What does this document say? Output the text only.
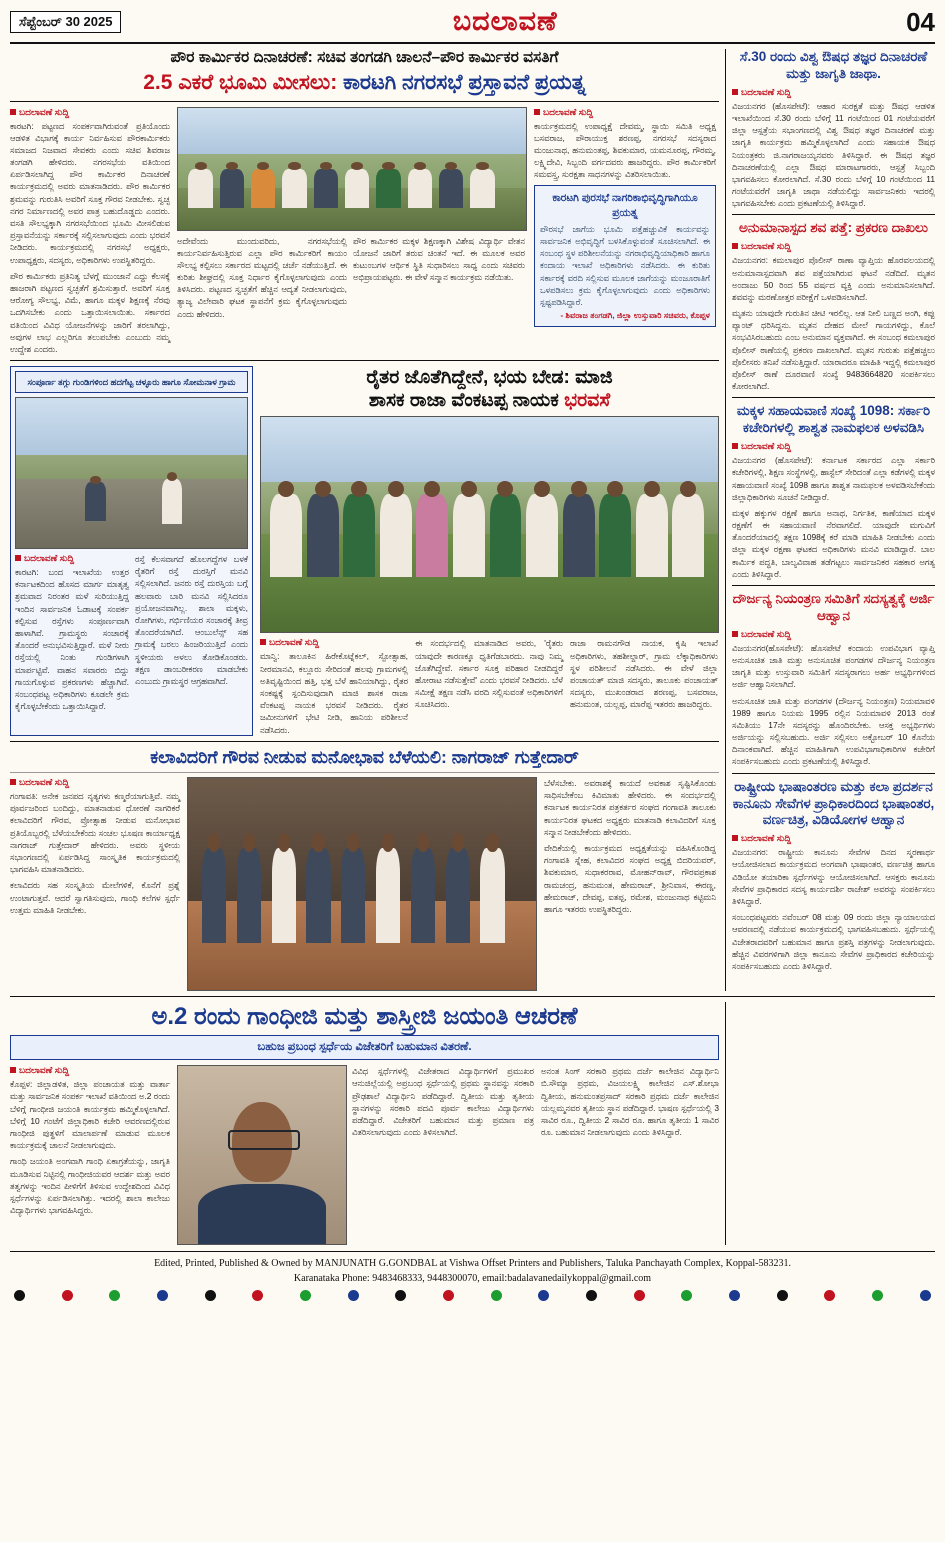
ಸೆಪ್ಟೆಂಬರ್ 30 2025	ಬದಲಾವಣೆ	04
ಪೌರ ಕಾರ್ಮಿಕರ ದಿನಾಚರಣೆ: ಸಚಿವ ತಂಗಡಗಿ ಚಾಲನೆ–ಪೌರ ಕಾರ್ಮಿಕರ ವಸತಿಗೆ
2.5 ಎಕರೆ ಭೂಮಿ ಮೀಸಲು: ಕಾರಟಗಿ ನಗರಸಭೆ ಪ್ರಸ್ತಾವನೆ ಪ್ರಯತ್ನ
ಬದಲಾವಣೆ ಸುದ್ದಿ
ಕಾರಟಗಿ: ಪಟ್ಟಣದ ಸಂಪರ್ಕವಾಗಿರುವಂತೆ ಪ್ರತಿಯೊಂದು ಆಡಳಿತ ವಿಭಾಗಕ್ಕೆ ಕಾರ್ಯ ನಿರ್ವಹಿಸುವ ಪೌರಕಾರ್ಮಿಕರು ಸಮಾಜದ ನಿಜವಾದ ಸೇವಕರು ಎಂದು ಸಚಿವ ಶಿವರಾಜ ತಂಗಡಗಿ ಹೇಳಿದರು. ನಗರಸಭೆಯ ವತಿಯಿಂದ ಏರ್ಪಡಿಸಲಾಗಿದ್ದ ಪೌರ ಕಾರ್ಮಿಕರ ದಿನಾಚರಣೆ ಕಾರ್ಯಕ್ರಮದಲ್ಲಿ ಅವರು ಮಾತನಾಡಿದರು. ಪೌರ ಕಾರ್ಮಿಕರ ಶ್ರಮವನ್ನು ಗುರುತಿಸಿ ಅವರಿಗೆ ಸೂಕ್ತ ಗೌರವ ನೀಡಬೇಕು. ಸ್ವಚ್ಛ ನಗರ ನಿರ್ಮಾಣದಲ್ಲಿ ಅವರ ಪಾತ್ರ ಬಹುದೊಡ್ಡದು ಎಂದರು. ವಸತಿ ಸೌಲಭ್ಯಕ್ಕಾಗಿ ನಗರಸಭೆಯಿಂದ ಭೂಮಿ ಮೀಸಲಿಡುವ ಪ್ರಸ್ತಾವನೆಯನ್ನು ಸರ್ಕಾರಕ್ಕೆ ಸಲ್ಲಿಸಲಾಗುವುದು ಎಂದು ಭರವಸೆ ನೀಡಿದರು. ಕಾರ್ಯಕ್ರಮದಲ್ಲಿ ನಗರಸಭೆ ಅಧ್ಯಕ್ಷರು, ಉಪಾಧ್ಯಕ್ಷರು, ಸದಸ್ಯರು, ಅಧಿಕಾರಿಗಳು ಉಪಸ್ಥಿತರಿದ್ದರು.
ಪೌರ ಕಾರ್ಮಿಕರು ಪ್ರತಿನಿತ್ಯ ಬೆಳಗ್ಗೆ ಮುಂಜಾನೆ ಎದ್ದು ಕೆಲಸಕ್ಕೆ ಹಾಜರಾಗಿ ಪಟ್ಟಣದ ಸ್ವಚ್ಛತೆಗೆ ಶ್ರಮಿಸುತ್ತಾರೆ. ಅವರಿಗೆ ಸೂಕ್ತ ಆರೋಗ್ಯ ಸೌಲಭ್ಯ, ವಿಮೆ, ಹಾಗೂ ಮಕ್ಕಳ ಶಿಕ್ಷಣಕ್ಕೆ ನೆರವು ಒದಗಿಸಬೇಕು ಎಂದು ಒತ್ತಾಯಿಸಲಾಯಿತು. ಸರ್ಕಾರದ ವತಿಯಿಂದ ವಿವಿಧ ಯೋಜನೆಗಳನ್ನು ಜಾರಿಗೆ ತರಲಾಗಿದ್ದು, ಅವುಗಳ ಲಾಭ ಎಲ್ಲರಿಗೂ ತಲುಪಬೇಕು ಎಂಬುದು ನಮ್ಮ ಉದ್ದೇಶ ಎಂದರು.
ಅದೇವೆಂದು ಮುಂದುವರಿದು, ನಗರಸಭೆಯಲ್ಲಿ ಕಾರ್ಯನಿರ್ವಹಿಸುತ್ತಿರುವ ಎಲ್ಲಾ ಪೌರ ಕಾರ್ಮಿಕರಿಗೆ ಕಾಯಂ ಸೌಲಭ್ಯ ಕಲ್ಪಿಸಲು ಸರ್ಕಾರದ ಮಟ್ಟದಲ್ಲಿ ಚರ್ಚೆ ನಡೆಯುತ್ತಿದೆ. ಈ ಕುರಿತು ಶೀಘ್ರದಲ್ಲಿ ಸೂಕ್ತ ನಿರ್ಧಾರ ಕೈಗೊಳ್ಳಲಾಗುವುದು ಎಂದು ತಿಳಿಸಿದರು. ಪಟ್ಟಣದ ಸ್ವಚ್ಛತೆಗೆ ಹೆಚ್ಚಿನ ಆದ್ಯತೆ ನೀಡಲಾಗುವುದು, ತ್ಯಾಜ್ಯ ವಿಲೇವಾರಿ ಘಟಕ ಸ್ಥಾಪನೆಗೆ ಕ್ರಮ ಕೈಗೊಳ್ಳಲಾಗುವುದು ಎಂದು ಹೇಳಿದರು.
ಪೌರ ಕಾರ್ಮಿಕರ ಮಕ್ಕಳ ಶಿಕ್ಷಣಕ್ಕಾಗಿ ವಿಶೇಷ ವಿದ್ಯಾರ್ಥಿ ವೇತನ ಯೋಜನೆ ಜಾರಿಗೆ ತರುವ ಚಿಂತನೆ ಇದೆ. ಈ ಮೂಲಕ ಅವರ ಕುಟುಂಬಗಳ ಆರ್ಥಿಕ ಸ್ಥಿತಿ ಸುಧಾರಿಸಲು ಸಾಧ್ಯ ಎಂದು ಸಚಿವರು ಅಭಿಪ್ರಾಯಪಟ್ಟರು. ಈ ವೇಳೆ ಸನ್ಮಾನ ಕಾರ್ಯಕ್ರಮ ನಡೆಯಿತು.
ಬದಲಾವಣೆ ಸುದ್ದಿ
ಕಾರ್ಯಕ್ರಮದಲ್ಲಿ ಉಪಾಧ್ಯಕ್ಷೆ ದೇವಮ್ಮ, ಸ್ಥಾಯಿ ಸಮಿತಿ ಅಧ್ಯಕ್ಷ ಬಸವರಾಜ, ಪೌರಾಯುಕ್ತ ಶರಣಪ್ಪ, ನಗರಸಭೆ ಸದಸ್ಯರಾದ ಮಂಜುನಾಥ, ಹನುಮಂತಪ್ಪ, ಶಿವಕುಮಾರ, ಯಮನೂರಪ್ಪ, ಗೌರಮ್ಮ, ಲಕ್ಷ್ಮಿದೇವಿ, ಸಿಬ್ಬಂದಿ ವರ್ಗದವರು ಹಾಜರಿದ್ದರು. ಪೌರ ಕಾರ್ಮಿಕರಿಗೆ ಸಮವಸ್ತ್ರ, ಸುರಕ್ಷತಾ ಸಾಧನಗಳನ್ನು ವಿತರಿಸಲಾಯಿತು.
ಕಾರಟಗಿ ಪುರಸಭೆ ನಾಗರಿಕಾಭಿವೃದ್ಧಿಗಾಗಿಯೂ ಪ್ರಯತ್ನ
ಪೌರಸಭೆ ಜಾಗೆಯ ಭೂಮಿ ಪತ್ತೆಹಚ್ಚುವಿಕೆ ಕಾರ್ಯವನ್ನು ಸಾರ್ವಜನಿಕ ಅಭಿವೃದ್ಧಿಗೆ ಬಳಸಿಕೊಳ್ಳುವಂತೆ ಸೂಚಿಸಲಾಗಿದೆ. ಈ ಸಂಬಂಧ ಸ್ಥಳ ಪರಿಶೀಲನೆಯನ್ನು ನಗರಾಭಿವೃದ್ಧಿಯಾಧಿಕಾರಿ ಹಾಗೂ ಕಂದಾಯ ಇಲಾಖೆ ಅಧಿಕಾರಿಗಳು ನಡೆಸಿದರು. ಈ ಕುರಿತು ಸರ್ಕಾರಕ್ಕೆ ವರದಿ ಸಲ್ಲಿಸುವ ಮೂಲಕ ಜಾಗೆಯನ್ನು ಮಂಜೂರಾತಿಗೆ ಒಳಪಡಿಸಲು ಕ್ರಮ ಕೈಗೊಳ್ಳಲಾಗುವುದು ಎಂದು ಅಧಿಕಾರಿಗಳು ಸ್ಪಷ್ಟಪಡಿಸಿದ್ದಾರೆ.
- ಶಿವರಾಜ ತಂಗಡಗಿ, ಜಿಲ್ಲಾ ಉಸ್ತುವಾರಿ ಸಚಿವರು, ಕೊಪ್ಪಳ
ಸಂಪೂರ್ಣ ತಗ್ಗು ಗುಂಡಿಗಳಿಂದ ಹದಗೆಟ್ಟ ಚಳ್ಳೂರು ಹಾಗೂ ಸೋಮನಾಳ ಗ್ರಾಮ
ಬದಲಾವಣೆ ಸುದ್ದಿ
ಕಾರಟಗಿ: ಬಂದ ಇಲಾಖೆಯ ಉತ್ತರ ಕರ್ನಾಟಕದಿಂದ ಹೊಸದ ಮಾರ್ಗ ಮಾತೃತ್ವ ಶ್ರಮವಾದ ನಿರಂತರ ಮಳೆ ಸುರಿಯುತ್ತಿದ್ದ ಇಂದಿನ ಸಾರ್ವಜನಿಕ ಓಡಾಟಕ್ಕೆ ಸಂಪರ್ಕ ಕಲ್ಪಿಸುವ ರಸ್ತೆಗಳು ಸಂಪೂರ್ಣವಾಗಿ ಹಾಳಾಗಿವೆ. ಗ್ರಾಮಸ್ಥರು ಸಂಚಾರಕ್ಕೆ ತೊಂದರೆ ಅನುಭವಿಸುತ್ತಿದ್ದಾರೆ. ಮಳೆ ನೀರು ರಸ್ತೆಯಲ್ಲಿ ನಿಂತು ಗುಂಡಿಗಳಾಗಿ ಮಾರ್ಪಟ್ಟಿವೆ. ವಾಹನ ಸವಾರರು ಬಿದ್ದು ಗಾಯಗೊಳ್ಳುವ ಪ್ರಕರಣಗಳು ಹೆಚ್ಚಾಗಿವೆ. ಸಂಬಂಧಪಟ್ಟ ಅಧಿಕಾರಿಗಳು ಕೂಡಲೇ ಕ್ರಮ ಕೈಗೊಳ್ಳಬೇಕೆಂದು ಒತ್ತಾಯಿಸಿದ್ದಾರೆ.
ರಸ್ತೆ ಕೆಲಸವಾಗದೆ ಹೊಲಗದ್ದೆಗಳ ಬಳಕೆ ರೈತರಿಗೆ ರಸ್ತೆ ದುರಸ್ತಿಗೆ ಮನವಿ ಸಲ್ಲಿಸಲಾಗಿದೆ. ಜನರು ರಸ್ತೆ ದುರಸ್ತಿಯ ಬಗ್ಗೆ ಹಲವಾರು ಬಾರಿ ಮನವಿ ಸಲ್ಲಿಸಿದರೂ ಪ್ರಯೋಜನವಾಗಿಲ್ಲ. ಶಾಲಾ ಮಕ್ಕಳು, ರೋಗಿಗಳು, ಗರ್ಭಿಣಿಯರ ಸಂಚಾರಕ್ಕೆ ತೀವ್ರ ತೊಂದರೆಯಾಗಿದೆ. ಆಂಬುಲೆನ್ಸ್ ಸಹ ಗ್ರಾಮಕ್ಕೆ ಬರಲು ಹಿಂಜರಿಯುತ್ತಿದೆ ಎಂದು ಸ್ಥಳೀಯರು ಅಳಲು ತೋಡಿಕೊಂಡರು. ತಕ್ಷಣ ಡಾಂಬರೀಕರಣ ಮಾಡಬೇಕು ಎಂಬುದು ಗ್ರಾಮಸ್ಥರ ಆಗ್ರಹವಾಗಿದೆ.
ರೈತರ ಜೊತೆಗಿದ್ದೇನೆ, ಭಯ ಬೇಡ: ಮಾಜಿ
ಶಾಸಕ ರಾಜಾ ವೆಂಕಟಪ್ಪ ನಾಯಕ ಭರವಸೆ
ಬದಲಾವಣೆ ಸುದ್ದಿ
ಮಾನ್ವಿ: ತಾಲೂಕಿನ ಹಿರೇಕೊಟ್ನೆಕಲ್, ಸ್ಪೋತ್ಸಾಹ, ನೀರಮಾನವಿ, ಕಲ್ಲೂರು ಸೇರಿದಂತೆ ಹಲವು ಗ್ರಾಮಗಳಲ್ಲಿ ಅತಿವೃಷ್ಟಿಯಿಂದ ಹತ್ತಿ, ಭತ್ತ ಬೆಳೆ ಹಾನಿಯಾಗಿದ್ದು, ರೈತರ ಸಂಕಷ್ಟಕ್ಕೆ ಸ್ಪಂದಿಸುವುದಾಗಿ ಮಾಜಿ ಶಾಸಕ ರಾಜಾ ವೆಂಕಟಪ್ಪ ನಾಯಕ ಭರವಸೆ ನೀಡಿದರು. ರೈತರ ಜಮೀನುಗಳಿಗೆ ಭೇಟಿ ನೀಡಿ, ಹಾನಿಯ ಪರಿಶೀಲನೆ ನಡೆಸಿದರು.
ಈ ಸಂದರ್ಭದಲ್ಲಿ ಮಾತನಾಡಿದ ಅವರು, 'ರೈತರು ಯಾವುದೇ ಕಾರಣಕ್ಕೂ ಧೃತಿಗೆಡಬಾರದು. ನಾವು ನಿಮ್ಮ ಜೊತೆಗಿದ್ದೇವೆ. ಸರ್ಕಾರ ಸೂಕ್ತ ಪರಿಹಾರ ನೀಡದಿದ್ದರೆ ಹೋರಾಟ ನಡೆಸುತ್ತೇವೆ' ಎಂದು ಭರವಸೆ ನೀಡಿದರು. ಬೆಳೆ ಸಮೀಕ್ಷೆ ತಕ್ಷಣ ನಡೆಸಿ ವರದಿ ಸಲ್ಲಿಸುವಂತೆ ಅಧಿಕಾರಿಗಳಿಗೆ ಸೂಚಿಸಿದರು.
ರಾಜಾ ರಾಮನಗೌಡ ನಾಯಕ, ಕೃಷಿ ಇಲಾಖೆ ಅಧಿಕಾರಿಗಳು, ತಹಶೀಲ್ದಾರ್, ಗ್ರಾಮ ಲೆಕ್ಕಾಧಿಕಾರಿಗಳು ಸ್ಥಳ ಪರಿಶೀಲನೆ ನಡೆಸಿದರು. ಈ ವೇಳೆ ಜಿಲ್ಲಾ ಪಂಚಾಯತ್ ಮಾಜಿ ಸದಸ್ಯರು, ತಾಲೂಕು ಪಂಚಾಯತ್ ಸದಸ್ಯರು, ಮುಖಂಡರಾದ ಶರಣಪ್ಪ, ಬಸವರಾಜ, ಹನುಮಂತ, ಯಲ್ಲಪ್ಪ, ಮಾರೆಪ್ಪ ಇತರರು ಹಾಜರಿದ್ದರು.
ಕಲಾವಿದರಿಗೆ ಗೌರವ ನೀಡುವ ಮನೋಭಾವ ಬೆಳೆಯಲಿ: ನಾಗರಾಜ್ ಗುತ್ತೇದಾರ್
ಬದಲಾವಣೆ ಸುದ್ದಿ
ಗಂಗಾವತಿ: ಅನೇಕ ಜನಪದ ನೃತ್ಯಗಳು ಕಣ್ಮರೆಯಾಗುತ್ತಿವೆ. ನಮ್ಮ ಪೂರ್ವಜರಿಂದ ಬಂದಿದ್ದು, ಮಾತನಾಡುವ ಧೋರಣೆ ನಾಗರಿಕರೆ ಕಲಾವಿದರಿಗೆ ಗೌರವ, ಪ್ರೋತ್ಸಾಹ ನೀಡುವ ಮನೋಭಾವ ಪ್ರತಿಯೊಬ್ಬರಲ್ಲಿ ಬೆಳೆಯಬೇಕೆಂದು ಸಂಚಲ ಭೂಷಣ ಕಾರ್ಯಾಧ್ಯಕ್ಷ ನಾಗರಾಜ್ ಗುತ್ತೇದಾರ್ ಹೇಳಿದರು. ಅವರು ಸ್ಥಳೀಯ ಸಭಾಂಗಣದಲ್ಲಿ ಏರ್ಪಡಿಸಿದ್ದ ಸಾಂಸ್ಕೃತಿಕ ಕಾರ್ಯಕ್ರಮದಲ್ಲಿ ಭಾಗವಹಿಸಿ ಮಾತನಾಡಿದರು.
ಕಲಾವಿದರು ಸಹ ಸಂಸ್ಕೃತಿಯ ಮೇಲೆಗಳಿಕೆ, ಕೊನೆಗೆ ಪ್ರಶ್ನೆ ಉಂಟಾಗುತ್ತವೆ. ಆದರೆ ಸ್ವಾಗತಿಸುವುದು, ಗಾಂಧಿ ಕಲೆಗಳ ಸ್ಪರ್ಧೆ ಉತ್ತಮ ಮಾಹಿತಿ ನೀಡಬೇಕು.
ಬೆಳೆಸಬೇಕು. ಅವರಾಶಕ್ಕೆ ಕಾಯದೆ ಅವಕಾಶ ಸೃಷ್ಟಿಸಿಕೊಂಡು ಸಾಧಿಸಬೇಕೆಂಬ ಕಿವಿಮಾತು ಹೇಳಿದರು. ಈ ಸಂದರ್ಭದಲ್ಲಿ ಕರ್ನಾಟಕ ಕಾರ್ಯನಿರತ ಪತ್ರಕರ್ತರ ಸಂಘದ ಗಂಗಾವತಿ ತಾಲೂಕು ಕಾರ್ಯನಿರತ ಘಟಕದ ಅಧ್ಯಕ್ಷರು ಮಾತನಾಡಿ ಕಲಾವಿದರಿಗೆ ಸೂಕ್ತ ಸನ್ಮಾನ ನೀಡಬೇಕೆಂದು ಹೇಳಿದರು.
ವೇದಿಕೆಯಲ್ಲಿ ಕಾರ್ಯಕ್ರಮದ ಅಧ್ಯಕ್ಷತೆಯನ್ನು ವಹಿಸಿಕೊಂಡಿದ್ದ ಗಂಗಾವತಿ ಸ್ನೇಹ, ಕಲಾವಿದರ ಸಂಘದ ಅಧ್ಯಕ್ಷ ಬಿದರಿಯವರ್, ಶಿವಕುಮಾರ, ಸುಧಾಕರರಾವ, ಮೋಹನ್‌ರಾವ್, ಗೌರವಪ್ರಕಾಶ ರಾಮಚಂದ್ರ, ಹನುಮಂತ, ಹೇಮರಾಜ್, ಶ್ರೀನಿವಾಸ, ಈರಣ್ಣ, ಹೇಮರಾಜ್, ದೇವಪ್ಪ, ಐತಪ್ಪ, ರಮೇಶ, ಮಂಜುನಾಥ ಕಟ್ಟಿಮನಿ ಹಾಗೂ ಇತರರು ಉಪಸ್ಥಿತರಿದ್ದರು.
ಸೆ.30 ರಂದು ವಿಶ್ವ ಔಷಧ ತಜ್ಞರ ದಿನಾಚರಣೆ ಮತ್ತು ಜಾಗೃತಿ ಜಾಥಾ.
ಬದಲಾವಣೆ ಸುದ್ದಿ
ವಿಜಯನಗರ (ಹೊಸಪೇಟೆ): ಆಹಾರ ಸುರಕ್ಷತೆ ಮತ್ತು ಔಷಧ ಆಡಳಿತ ಇಲಾಖೆಯಿಂದ ಸೆ.30 ರಂದು ಬೆಳಿಗ್ಗೆ 11 ಗಂಟೆಯಿಂದ 01 ಗಂಟೆಯವರೆಗೆ ಜಿಲ್ಲಾ ಆಸ್ಪತ್ರೆಯ ಸಭಾಂಗಣದಲ್ಲಿ ವಿಶ್ವ ಔಷಧ ತಜ್ಞರ ದಿನಾಚರಣೆ ಮತ್ತು ಜಾಗೃತಿ ಕಾರ್ಯಕ್ರಮ ಹಮ್ಮಿಕೊಳ್ಳಲಾಗಿದೆ ಎಂದು ಸಹಾಯಕ ಔಷಧ ನಿಯಂತ್ರಕರು ಜಿ.ನಾಗರಾಜಯ್ಯನವರು ತಿಳಿಸಿದ್ದಾರೆ. ಈ ಔಷಧ ತಜ್ಞರ ದಿನಾಚರಣೆಯಲ್ಲಿ ಎಲ್ಲಾ ಔಷಧ ಮಾರಾಟಗಾರರು, ಆಸ್ಪತ್ರೆ ಸಿಬ್ಬಂದಿ ಭಾಗವಹಿಸಲು ಕೋರಲಾಗಿದೆ. ಸೆ.30 ರಂದು ಬೆಳಿಗ್ಗೆ 10 ಗಂಟೆಯಿಂದ 11 ಗಂಟೆಯವರೆಗೆ ಜಾಗೃತಿ ಜಾಥಾ ನಡೆಯಲಿದ್ದು ಸಾರ್ವಜನಿಕರು ಇದರಲ್ಲಿ ಭಾಗವಹಿಸಬೇಕು ಎಂದು ಪ್ರಕಟಣೆಯಲ್ಲಿ ತಿಳಿಸಿದ್ದಾರೆ.
ಅನುಮಾನಾಸ್ಪದ ಶವ ಪತ್ತೆ: ಪ್ರಕರಣ ದಾಖಲು
ಬದಲಾವಣೆ ಸುದ್ದಿ
ವಿಜಯನಗರ: ಕಮಲಾಪುರ ಪೊಲೀಸ್ ಠಾಣಾ ವ್ಯಾಪ್ತಿಯ ಹೊರವಲಯದಲ್ಲಿ ಅನುಮಾನಾಸ್ಪದವಾಗಿ ಶವ ಪತ್ತೆಯಾಗಿರುವ ಘಟನೆ ನಡೆದಿದೆ. ಮೃತನ ಅಂದಾಜು 50 ರಿಂದ 55 ವರ್ಷದ ವ್ಯಕ್ತಿ ಎಂದು ಅನುಮಾನಿಸಲಾಗಿದೆ. ಶವವನ್ನು ಮರಣೋತ್ತರ ಪರೀಕ್ಷೆಗೆ ಒಳಪಡಿಸಲಾಗಿದೆ.
ಮೃತನು ಯಾವುದೇ ಗುರುತಿನ ಚೀಟಿ ಇರಲಿಲ್ಲ. ಆತ ನೀಲಿ ಬಣ್ಣದ ಅಂಗಿ, ಕಪ್ಪು ಪ್ಯಾಂಟ್ ಧರಿಸಿದ್ದನು. ಮೃತನ ದೇಹದ ಮೇಲೆ ಗಾಯಗಳಿದ್ದು, ಕೊಲೆ ಸಂಭವಿಸಿರಬಹುದು ಎಂಬ ಅನುಮಾನ ವ್ಯಕ್ತವಾಗಿದೆ. ಈ ಸಂಬಂಧ ಕಮಲಾಪುರ ಪೊಲೀಸ್ ಠಾಣೆಯಲ್ಲಿ ಪ್ರಕರಣ ದಾಖಲಾಗಿದೆ. ಮೃತನ ಗುರುತು ಪತ್ತೆಹಚ್ಚಲು ಪೊಲೀಸರು ತನಿಖೆ ನಡೆಸುತ್ತಿದ್ದಾರೆ. ಯಾರಾದರೂ ಮಾಹಿತಿ ಇದ್ದಲ್ಲಿ ಕಮಲಾಪುರ ಪೊಲೀಸ್ ಠಾಣೆ ದೂರವಾಣಿ ಸಂಖ್ಯೆ 9483664820 ಸಂಪರ್ಕಿಸಲು ಕೋರಲಾಗಿದೆ.
ಮಕ್ಕಳ ಸಹಾಯವಾಣಿ ಸಂಖ್ಯೆ 1098: ಸರ್ಕಾರಿ ಕಚೇರಿಗಳಲ್ಲಿ ಶಾಶ್ವತ ನಾಮಫಲಕ ಅಳವಡಿಸಿ
ಬದಲಾವಣೆ ಸುದ್ದಿ
ವಿಜಯನಗರ (ಹೊಸಪೇಟೆ): ಕರ್ನಾಟಕ ಸರ್ಕಾರದ ಎಲ್ಲಾ ಸರ್ಕಾರಿ ಕಚೇರಿಗಳಲ್ಲಿ, ಶಿಕ್ಷಣ ಸಂಸ್ಥೆಗಳಲ್ಲಿ, ಹಾಸ್ಟೆಲ್ ಸೇರಿದಂತೆ ಎಲ್ಲಾ ಕಡೆಗಳಲ್ಲಿ ಮಕ್ಕಳ ಸಹಾಯವಾಣಿ ಸಂಖ್ಯೆ 1098 ಹಾಗೂ ಶಾಶ್ವತ ನಾಮಫಲಕ ಅಳವಡಿಸಬೇಕೆಂದು ಜಿಲ್ಲಾಧಿಕಾರಿಗಳು ಸೂಚನೆ ನೀಡಿದ್ದಾರೆ.
ಮಕ್ಕಳ ಹಕ್ಕುಗಳ ರಕ್ಷಣೆ ಹಾಗೂ ಅನಾಥ, ನಿರ್ಗತಿಕ, ಕಾಣೆಯಾದ ಮಕ್ಕಳ ರಕ್ಷಣೆಗೆ ಈ ಸಹಾಯವಾಣಿ ನೆರವಾಗಲಿದೆ. ಯಾವುದೇ ಮಗುವಿಗೆ ತೊಂದರೆಯಾದಲ್ಲಿ ತಕ್ಷಣ 1098ಕ್ಕೆ ಕರೆ ಮಾಡಿ ಮಾಹಿತಿ ನೀಡಬೇಕು ಎಂದು ಜಿಲ್ಲಾ ಮಕ್ಕಳ ರಕ್ಷಣಾ ಘಟಕದ ಅಧಿಕಾರಿಗಳು ಮನವಿ ಮಾಡಿದ್ದಾರೆ. ಬಾಲ ಕಾರ್ಮಿಕ ಪದ್ಧತಿ, ಬಾಲ್ಯವಿವಾಹ ತಡೆಗಟ್ಟಲು ಸಾರ್ವಜನಿಕರ ಸಹಕಾರ ಅಗತ್ಯ ಎಂದು ತಿಳಿಸಿದ್ದಾರೆ.
ದೌರ್ಜನ್ಯ ನಿಯಂತ್ರಣ ಸಮಿತಿಗೆ ಸದಸ್ಯತ್ವಕ್ಕೆ ಅರ್ಜಿ ಆಹ್ವಾನ
ಬದಲಾವಣೆ ಸುದ್ದಿ
ವಿಜಯನಗರ(ಹೊಸಪೇಟೆ): ಹೊಸಪೇಟೆ ಕಂದಾಯ ಉಪವಿಭಾಗ ವ್ಯಾಪ್ತಿ ಅನುಸೂಚಿತ ಜಾತಿ ಮತ್ತು ಅನುಸೂಚಿತ ಪಂಗಡಗಳ ದೌರ್ಜನ್ಯ ನಿಯಂತ್ರಣ ಜಾಗೃತಿ ಮತ್ತು ಉಸ್ತುವಾರಿ ಸಮಿತಿಗೆ ಸದಸ್ಯರಾಗಲು ಅರ್ಹ ಅಭ್ಯರ್ಥಿಗಳಿಂದ ಅರ್ಜಿ ಆಹ್ವಾನಿಸಲಾಗಿದೆ.
ಅನುಸೂಚಿತ ಜಾತಿ ಮತ್ತು ಪಂಗಡಗಳ (ದೌರ್ಜನ್ಯ ನಿಯಂತ್ರಣ) ನಿಯಮಾವಳಿ 1989 ಹಾಗೂ ನಿಯಮ 1995 ರಲ್ಲಿನ ನಿಯಮಾವಳಿ 2013 ರಂತೆ ಸಮಿತಿಯು 17ನೇ ಸದಸ್ಯರನ್ನು ಹೊಂದಿರಬೇಕು. ಆಸಕ್ತ ಅಭ್ಯರ್ಥಿಗಳು ಅರ್ಜಿಯನ್ನು ಸಲ್ಲಿಸಬಹುದು. ಅರ್ಜಿ ಸಲ್ಲಿಸಲು ಅಕ್ಟೋಬರ್ 10 ಕೊನೆಯ ದಿನಾಂಕವಾಗಿದೆ. ಹೆಚ್ಚಿನ ಮಾಹಿತಿಗಾಗಿ ಉಪವಿಭಾಗಾಧಿಕಾರಿಗಳ ಕಚೇರಿಗೆ ಸಂಪರ್ಕಿಸಬಹುದು ಎಂದು ಪ್ರಕಟಣೆಯಲ್ಲಿ ತಿಳಿಸಿದ್ದಾರೆ.
ರಾಷ್ಟ್ರೀಯ ಭಾಷಾಂತರಣ ಮತ್ತು ಕಲಾ ಪ್ರದರ್ಶನ ಕಾನೂನು ಸೇವೆಗಳ ಪ್ರಾಧಿಕಾರದಿಂದ ಭಾಷಾಂತರ, ವರ್ಣಚಿತ್ರ, ವಿಡಿಯೋಗಳ ಆಹ್ವಾನ
ಬದಲಾವಣೆ ಸುದ್ದಿ
ವಿಜಯನಗರ: ರಾಷ್ಟ್ರೀಯ ಕಾನೂನು ಸೇವೆಗಳ ದಿನದ ಸ್ಮರಣಾರ್ಥ ಆಯೋಜಿಸಲಾದ ಕಾರ್ಯಕ್ರಮದ ಅಂಗವಾಗಿ ಭಾಷಾಂತರ, ವರ್ಣಚಿತ್ರ ಹಾಗೂ ವಿಡಿಯೋ ತಯಾರಿಕಾ ಸ್ಪರ್ಧೆಗಳನ್ನು ಆಯೋಜಿಸಲಾಗಿದೆ. ಆಸಕ್ತರು ಕಾನೂನು ಸೇವೆಗಳ ಪ್ರಾಧಿಕಾರದ ಸದಸ್ಯ ಕಾರ್ಯದರ್ಶಿ ರಾಜೇಶ್ ಅವರನ್ನು ಸಂಪರ್ಕಿಸಲು ತಿಳಿಸಿದ್ದಾರೆ.
ಸಂಬಂಧಪಟ್ಟವರು ನವೆಂಬರ್ 08 ಮತ್ತು 09 ರಂದು ಜಿಲ್ಲಾ ನ್ಯಾಯಾಲಯದ ಆವರಣದಲ್ಲಿ ನಡೆಯುವ ಕಾರ್ಯಕ್ರಮದಲ್ಲಿ ಭಾಗವಹಿಸಬಹುದು. ಸ್ಪರ್ಧೆಯಲ್ಲಿ ವಿಜೇತರಾದವರಿಗೆ ಬಹುಮಾನ ಹಾಗೂ ಪ್ರಶಸ್ತಿ ಪತ್ರಗಳನ್ನು ನೀಡಲಾಗುವುದು. ಹೆಚ್ಚಿನ ವಿವರಗಳಿಗಾಗಿ ಜಿಲ್ಲಾ ಕಾನೂನು ಸೇವೆಗಳ ಪ್ರಾಧಿಕಾರದ ಕಚೇರಿಯನ್ನು ಸಂಪರ್ಕಿಸಬಹುದು ಎಂದು ತಿಳಿಸಿದ್ದಾರೆ.
ಅ.2 ರಂದು ಗಾಂಧೀಜಿ ಮತ್ತು ಶಾಸ್ತ್ರೀಜಿ ಜಯಂತಿ ಆಚರಣೆ
ಬಹುಜ ಪ್ರಬಂಧ ಸ್ಪರ್ಧೆಯ ವಿಜೇತರಿಗೆ ಬಹುಮಾನ ವಿತರಣೆ.
ಬದಲಾವಣೆ ಸುದ್ದಿ
ಕೊಪ್ಪಳ: ಜಿಲ್ಲಾಡಳಿತ, ಜಿಲ್ಲಾ ಪಂಚಾಯತ ಮತ್ತು ವಾರ್ತಾ ಮತ್ತು ಸಾರ್ವಜನಿಕ ಸಂಪರ್ಕ ಇಲಾಖೆ ವತಿಯಿಂದ ಅ.2 ರಂದು ಬೆಳಿಗ್ಗೆ ಗಾಂಧೀಜಿ ಜಯಂತಿ ಕಾರ್ಯಕ್ರಮ ಹಮ್ಮಿಕೊಳ್ಳಲಾಗಿದೆ. ಬೆಳಿಗ್ಗೆ 10 ಗಂಟೆಗೆ ಜಿಲ್ಲಾಧಿಕಾರಿ ಕಚೇರಿ ಆವರಣದಲ್ಲಿರುವ ಗಾಂಧೀಜಿ ಪುತ್ಥಳಿಗೆ ಮಾಲಾರ್ಪಣೆ ಮಾಡುವ ಮೂಲಕ ಕಾರ್ಯಕ್ರಮಕ್ಕೆ ಚಾಲನೆ ನೀಡಲಾಗುವುದು.
ಗಾಂಧಿ ಜಯಂತಿ ಅಂಗವಾಗಿ ಗಾಂಧಿ ಏಕಾಗ್ರತೆಯನ್ನು, ಜಾಗೃತಿ ಮೂಡಿಸುವ ನಿಟ್ಟಿನಲ್ಲಿ ಗಾಂಧೀಜಿಯವರ ಆದರ್ಶ ಮತ್ತು ಅವರ ತತ್ವಗಳನ್ನು ಇಂದಿನ ಪೀಳಿಗೆಗೆ ತಿಳಿಸುವ ಉದ್ದೇಶದಿಂದ ವಿವಿಧ ಸ್ಪರ್ಧೆಗಳನ್ನು ಏರ್ಪಡಿಸಲಾಗಿತ್ತು. ಇದರಲ್ಲಿ ಶಾಲಾ ಕಾಲೇಜು ವಿದ್ಯಾರ್ಥಿಗಳು ಭಾಗವಹಿಸಿದ್ದರು.
ವಿವಿಧ ಸ್ಪರ್ಧೆಗಳಲ್ಲಿ ವಿಜೇತರಾದ ವಿದ್ಯಾರ್ಥಿಗಳಿಗೆ ಪ್ರಮುಖರ ಆನುಜಿಲ್ಲೆಯಲ್ಲಿ ಅಪ್ರಬಂಧ ಸ್ಪರ್ಧೆಯಲ್ಲಿ ಪ್ರಥಮ ಸ್ಥಾನವನ್ನು ಸರಕಾರಿ ಪ್ರೌಢಶಾಲೆ ವಿದ್ಯಾರ್ಥಿನಿ ಪಡೆದಿದ್ದಾರೆ. ದ್ವಿತೀಯ ಮತ್ತು ತೃತೀಯ ಸ್ಥಾನಗಳನ್ನು ಸರಕಾರಿ ಪದವಿ ಪೂರ್ವ ಕಾಲೇಜು ವಿದ್ಯಾರ್ಥಿಗಳು ಪಡೆದಿದ್ದಾರೆ. ವಿಜೇತರಿಗೆ ಬಹುಮಾನ ಮತ್ತು ಪ್ರಮಾಣ ಪತ್ರ ವಿತರಿಸಲಾಗುವುದು ಎಂದು ತಿಳಿಸಲಾಗಿದೆ.
ಅನಂತ ಸಿಂಗ್ ಸರಕಾರಿ ಪ್ರಥಮ ದರ್ಜೆ ಕಾಲೇಜಿನ ವಿದ್ಯಾರ್ಥಿನಿ ಬಿ.ಸೌಮ್ಯಾ ಪ್ರಥಮ, ವಿಜಯಲಕ್ಷ್ಮಿ ಕಾಲೇಜಿನ ಎಸ್.ಶೋಭಾ ದ್ವಿತೀಯ, ಹನುಮಂತಪ್ರಸಾದ್ ಸರಕಾರಿ ಪ್ರಥಮ ದರ್ಜೆ ಕಾಲೇಜಿನ ಯಲ್ಲಮ್ಮನವರ ತೃತೀಯ ಸ್ಥಾನ ಪಡೆದಿದ್ದಾರೆ. ಭಾಷಣ ಸ್ಪರ್ಧೆಯಲ್ಲಿ 3 ಸಾವಿರ ರೂ., ದ್ವಿತೀಯ 2 ಸಾವಿರ ರೂ. ಹಾಗೂ ತೃತೀಯ 1 ಸಾವಿರ ರೂ. ಬಹುಮಾನ ನೀಡಲಾಗುವುದು ಎಂದು ತಿಳಿಸಿದ್ದಾರೆ.
Edited, Printed, Published & Owned by MANJUNATH G.GONDBAL at Vishwa Offset Printers and Publishers, Taluka Panchayath Complex, Koppal-583231.
Karanataka Phone: 9483468333, 9448300070, email:badalavanedailykoppal@gmail.com
